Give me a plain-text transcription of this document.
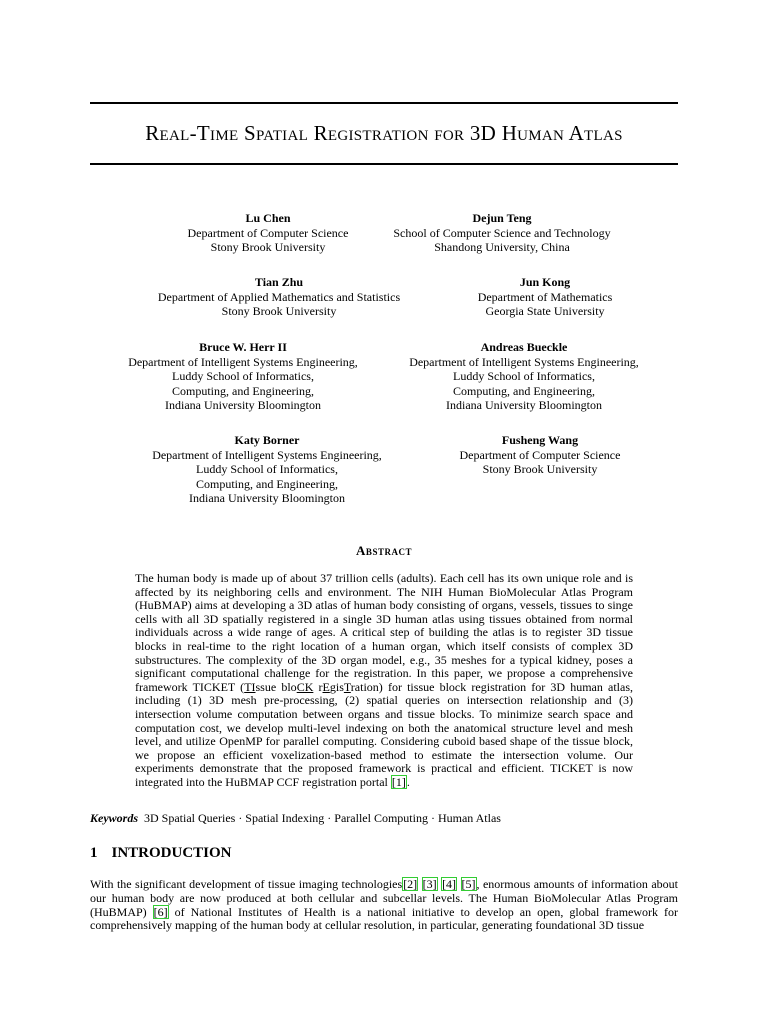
Real-Time Spatial Registration for 3D Human Atlas
Lu Chen
Department of Computer Science
Stony Brook University
Dejun Teng
School of Computer Science and Technology
Shandong University, China
Tian Zhu
Department of Applied Mathematics and Statistics
Stony Brook University
Jun Kong
Department of Mathematics
Georgia State University
Bruce W. Herr II
Department of Intelligent Systems Engineering,
Luddy School of Informatics,
Computing, and Engineering,
Indiana University Bloomington
Andreas Bueckle
Department of Intelligent Systems Engineering,
Luddy School of Informatics,
Computing, and Engineering,
Indiana University Bloomington
Katy Borner
Department of Intelligent Systems Engineering,
Luddy School of Informatics,
Computing, and Engineering,
Indiana University Bloomington
Fusheng Wang
Department of Computer Science
Stony Brook University
Abstract
The human body is made up of about 37 trillion cells (adults). Each cell has its own unique role and is affected by its neighboring cells and environment. The NIH Human BioMolecular Atlas Program (HuBMAP) aims at developing a 3D atlas of human body consisting of organs, vessels, tissues to singe cells with all 3D spatially registered in a single 3D human atlas using tissues obtained from normal individuals across a wide range of ages. A critical step of building the atlas is to register 3D tissue blocks in real-time to the right location of a human organ, which itself consists of complex 3D substructures. The complexity of the 3D organ model, e.g., 35 meshes for a typical kidney, poses a significant computational challenge for the registration. In this paper, we propose a comprehensive framework TICKET (TIssue bloCK rEgisTration) for tissue block registration for 3D human atlas, including (1) 3D mesh pre-processing, (2) spatial queries on intersection relationship and (3) intersection volume computation between organs and tissue blocks. To minimize search space and computation cost, we develop multi-level indexing on both the anatomical structure level and mesh level, and utilize OpenMP for parallel computing. Considering cuboid based shape of the tissue block, we propose an efficient voxelization-based method to estimate the intersection volume. Our experiments demonstrate that the proposed framework is practical and efficient. TICKET is now integrated into the HuBMAP CCF registration portal [1].
Keywords 3D Spatial Queries · Spatial Indexing · Parallel Computing · Human Atlas
1 INTRODUCTION
With the significant development of tissue imaging technologies[2] [3] [4] [5], enormous amounts of information about our human body are now produced at both cellular and subcellar levels. The Human BioMolecular Atlas Program (HuBMAP) [6] of National Institutes of Health is a national initiative to develop an open, global framework for comprehensively mapping of the human body at cellular resolution, in particular, generating foundational 3D tissue
